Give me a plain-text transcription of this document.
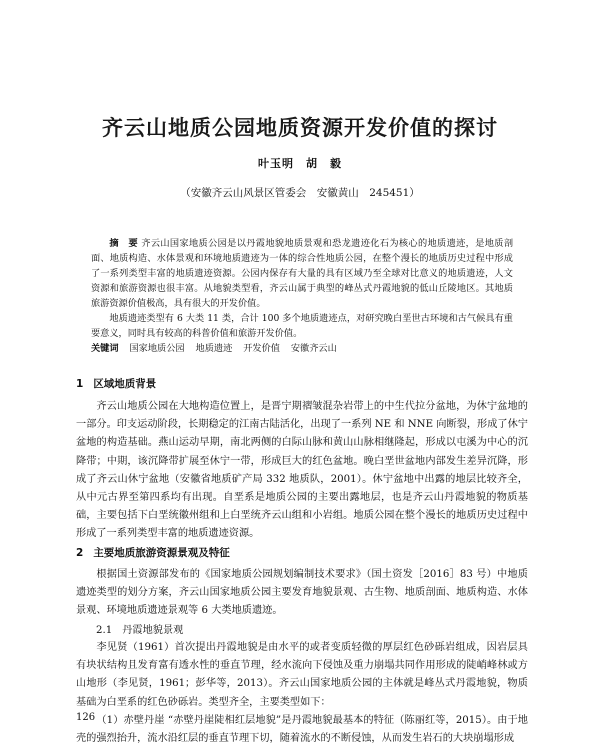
齐云山地质公园地质资源开发价值的探讨
叶玉明　胡　毅
（安徽齐云山风景区管委会　安徽黄山　245451）

摘　要 齐云山国家地质公园是以丹霞地貌地质景观和恐龙遗迹化石为核心的地质遗迹，是地质剖面、地质构造、水体景观和环境地质遗迹为一体的综合性地质公园，在整个漫长的地质历史过程中形成了一系列类型丰富的地质遗迹资源。公园内保存有大量的具有区域乃至全球对比意义的地质遗迹，人文资源和旅游资源也很丰富。从地貌类型看，齐云山属于典型的峰丛式丹霞地貌的低山丘陵地区。其地质旅游资源价值极高，具有很大的开发价值。

地质遗迹类型有 6 大类 11 类，合计 100 多个地质遗迹点，对研究晚白垩世古环境和古气候具有重要意义，同时具有较高的科普价值和旅游开发价值。

关键词 国家地质公园 地质遗迹 开发价值 安徽齐云山

1 区域地质背景

齐云山地质公园在大地构造位置上，是晋宁期褶皱混杂岩带上的中生代拉分盆地，为休宁盆地的一部分。印支运动阶段，长期稳定的江南古陆活化，出现了一系列 NE 和 NNE 向断裂，形成了休宁盆地的构造基础。燕山运动早期，南北两侧的白际山脉和黄山山脉相继隆起，形成以屯溪为中心的沉降带；中期，该沉降带扩展至休宁一带，形成巨大的红色盆地。晚白垩世盆地内部发生差异沉降，形成了齐云山休宁盆地（安徽省地质矿产局 332 地质队，2001）。休宁盆地中出露的地层比较齐全，从中元古界至第四系均有出现。自垩系是地质公园的主要出露地层，也是齐云山丹霞地貌的物质基础，主要包括下白垩统徽州组和上白垩统齐云山组和小岩组。地质公园在整个漫长的地质历史过程中形成了一系列类型丰富的地质遗迹资源。

2 主要地质旅游资源景观及特征

根据国土资源部发布的《国家地质公园规划编制技术要求》（国土资发［2016］83 号）中地质遗迹类型的划分方案，齐云山国家地质公园主要发育地貌景观、古生物、地质剖面、地质构造、水体景观、环境地质遗迹景观等 6 大类地质遗迹。

2.1 丹霞地貌景观

李见贤（1961）首次提出丹霞地貌是由水平的或者变质轻微的厚层红色砂砾岩组成，因岩层具有块状结构且发育富有透水性的垂直节理，经水流向下侵蚀及重力崩塌共同作用形成的陡峭峰林或方山地形（李见贤，1961；彭华等，2013）。齐云山国家地质公园的主体就是峰丛式丹霞地貌，物质基础为白垩系的红色砂砾岩。类型齐全，主要类型如下：

（1）赤壁丹崖 “赤壁丹崖陡相红层地貌”是丹霞地貌最基本的特征（陈丽红等，2015）。由于地壳的强烈抬升，流水沿红层的垂直节理下切，随着流水的不断侵蚀，从而发生岩石的大块崩塌形成

126
